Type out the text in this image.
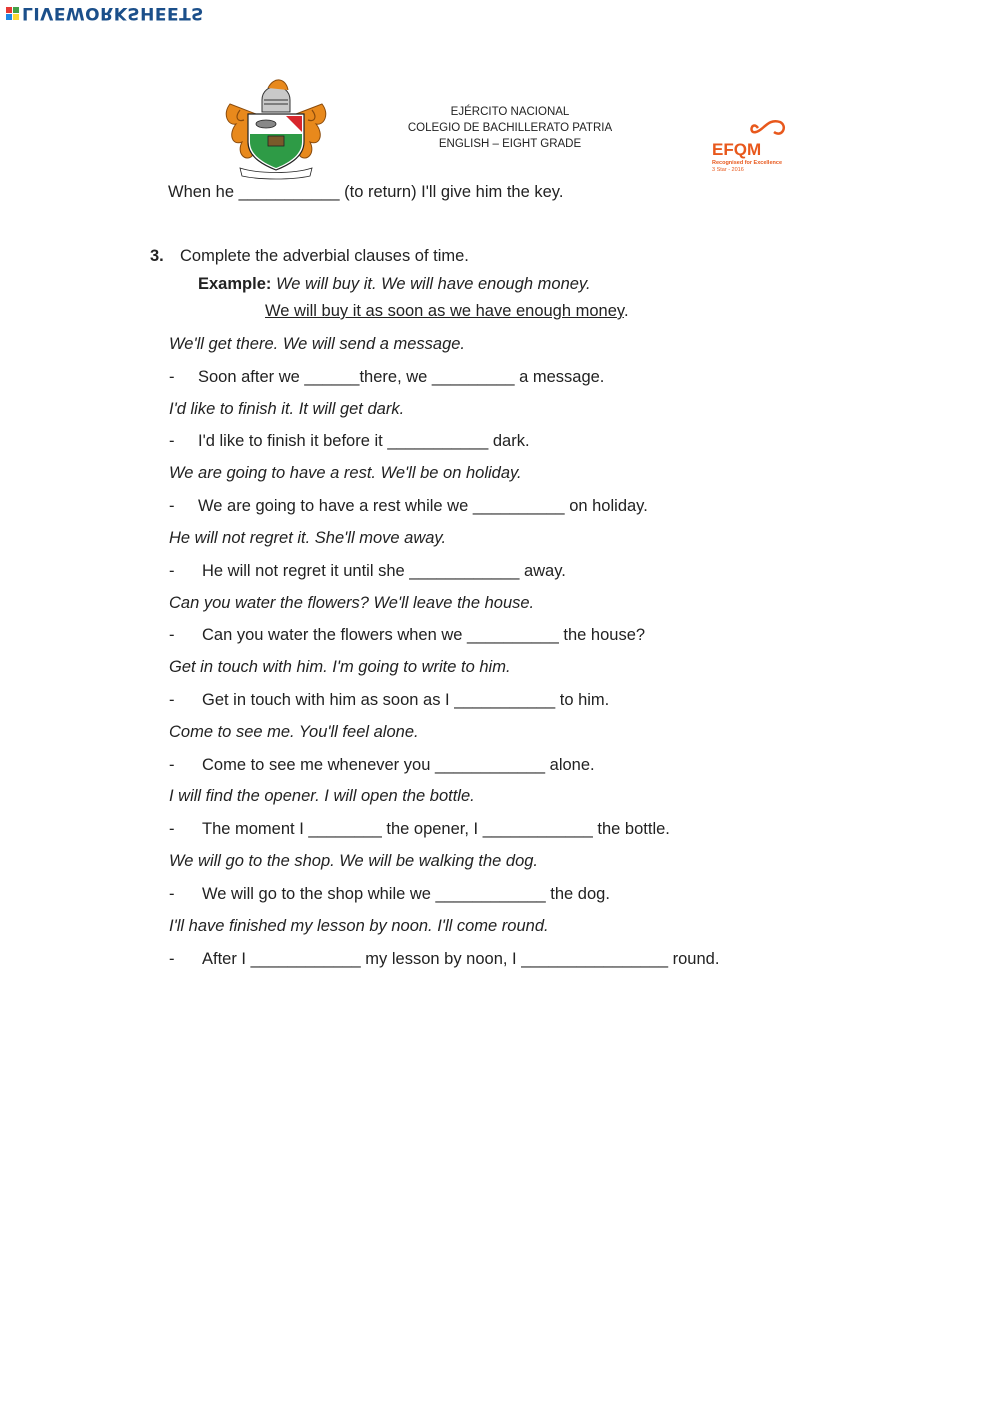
LIVEWORKSHEETS
EJÉRCITO NACIONAL
COLEGIO DE BACHILLERATO PATRIA
ENGLISH – EIGHT GRADE	EFQM
Recognised for Excellence
3 Star - 2016
When he ___________ (to return) I'll give him the key.
3. Complete the adverbial clauses of time.
Example: We will buy it. We will have enough money.
We will buy it as soon as we have enough money.
We'll get there. We will send a message.
- Soon after we ______there, we _________ a message.
I'd like to finish it. It will get dark.
- I'd like to finish it before it ___________ dark.
We are going to have a rest. We'll be on holiday.
- We are going to have a rest while we __________ on holiday.
He will not regret it. She'll move away.
- He will not regret it until she ____________ away.
Can you water the flowers? We'll leave the house.
- Can you water the flowers when we __________ the house?
Get in touch with him. I'm going to write to him.
- Get in touch with him as soon as I ___________ to him.
Come to see me. You'll feel alone.
- Come to see me whenever you ____________ alone.
I will find the opener. I will open the bottle.
- The moment I ________ the opener, I ____________ the bottle.
We will go to the shop. We will be walking the dog.
- We will go to the shop while we ____________ the dog.
I'll have finished my lesson by noon. I'll come round.
- After I ____________ my lesson by noon, I ________________ round.
